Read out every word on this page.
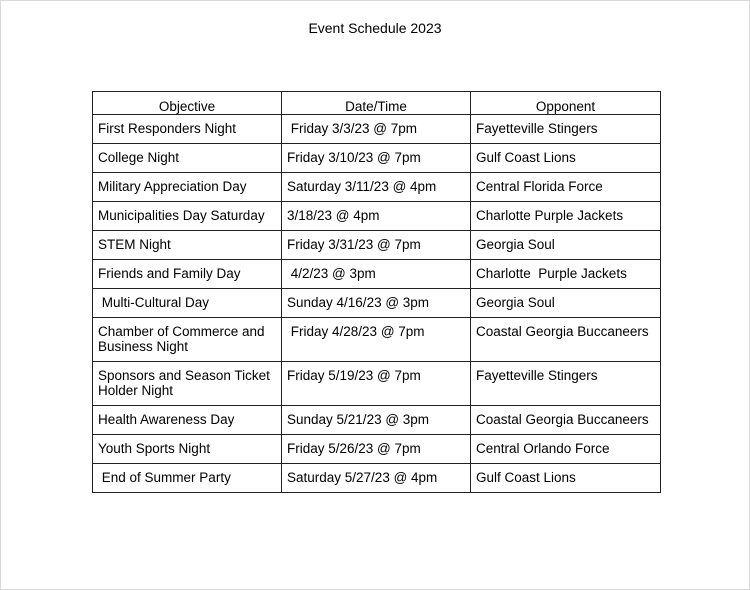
Event Schedule 2023
Objective	Date/Time	Opponent
First Responders Night	Friday 3/3/23 @ 7pm	Fayetteville Stingers
College Night	Friday 3/10/23 @ 7pm	Gulf Coast Lions
Military Appreciation Day	Saturday 3/11/23 @ 4pm	Central Florida Force
Municipalities Day Saturday	3/18/23 @ 4pm	Charlotte Purple Jackets
STEM Night	Friday 3/31/23 @ 7pm	Georgia Soul
Friends and Family Day	4/2/23 @ 3pm	Charlotte  Purple Jackets
Multi-Cultural Day	Sunday 4/16/23 @ 3pm	Georgia Soul
Chamber of Commerce and Business Night	Friday 4/28/23 @ 7pm	Coastal Georgia Buccaneers
Sponsors and Season Ticket Holder Night	Friday 5/19/23 @ 7pm	Fayetteville Stingers
Health Awareness Day	Sunday 5/21/23 @ 3pm	Coastal Georgia Buccaneers
Youth Sports Night	Friday 5/26/23 @ 7pm	Central Orlando Force
End of Summer Party	Saturday 5/27/23 @ 4pm	Gulf Coast Lions
